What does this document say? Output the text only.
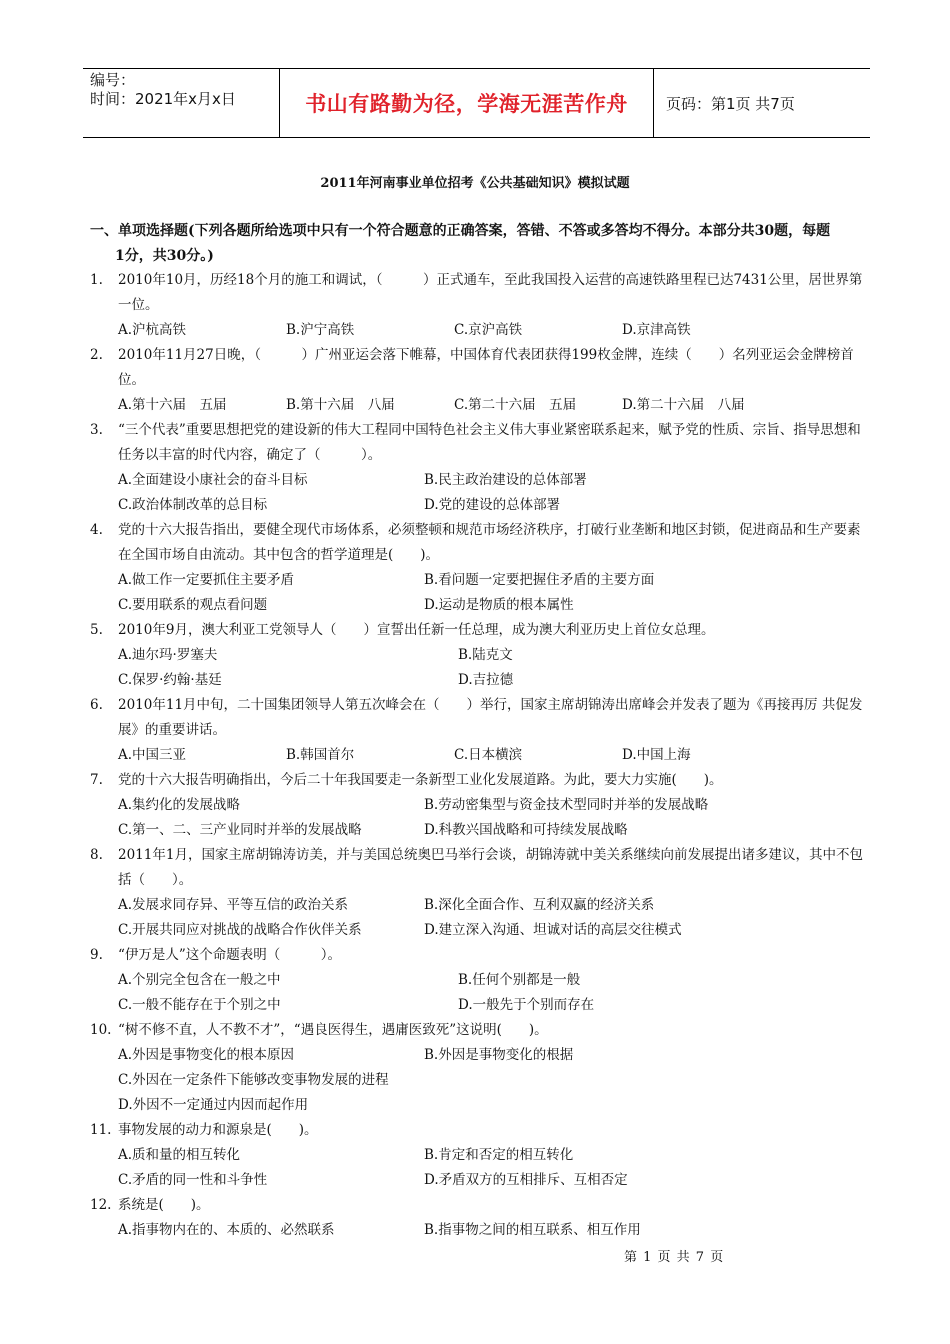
编号：
时间：2021年x月x日	书山有路勤为径，学海无涯苦作舟	页码：第1页 共7页
2011年河南事业单位招考《公共基础知识》模拟试题
一、单项选择题(下列各题所给选项中只有一个符合题意的正确答案，答错、不答或多答均不得分。本部分共30题，每题
1分，共30分。)
1.	2010年10月，历经18个月的施工和调试，（　　　）正式通车，至此我国投入运营的高速铁路里程已达7431公里，居世界第一位。
A.沪杭高铁	B.沪宁高铁	C.京沪高铁	D.京津高铁
2.	2010年11月27日晚，（　　　）广州亚运会落下帷幕，中国体育代表团获得199枚金牌，连续（　　）名列亚运会金牌榜首位。
A.第十六届　五届	B.第十六届　八届	C.第二十六届　五届	D.第二十六届　八届
3.	“三个代表”重要思想把党的建设新的伟大工程同中国特色社会主义伟大事业紧密联系起来，赋予党的性质、宗旨、指导思想和任务以丰富的时代内容，确定了（　　　）。
A.全面建设小康社会的奋斗目标	B.民主政治建设的总体部署
C.政治体制改革的总目标	D.党的建设的总体部署
4.	党的十六大报告指出，要健全现代市场体系，必须整顿和规范市场经济秩序，打破行业垄断和地区封锁，促进商品和生产要素在全国市场自由流动。其中包含的哲学道理是(　　)。
A.做工作一定要抓住主要矛盾	B.看问题一定要把握住矛盾的主要方面
C.要用联系的观点看问题	D.运动是物质的根本属性
5.	2010年9月，澳大利亚工党领导人（　　）宣誓出任新一任总理，成为澳大利亚历史上首位女总理。
A.迪尔玛·罗塞夫	B.陆克文
C.保罗·约翰·基廷	D.吉拉德
6.	2010年11月中旬，二十国集团领导人第五次峰会在（　　）举行，国家主席胡锦涛出席峰会并发表了题为《再接再厉 共促发展》的重要讲话。
A.中国三亚	B.韩国首尔	C.日本横滨	D.中国上海
7.	党的十六大报告明确指出，今后二十年我国要走一条新型工业化发展道路。为此，要大力实施(　　)。
A.集约化的发展战略	B.劳动密集型与资金技术型同时并举的发展战略
C.第一、二、三产业同时并举的发展战略	D.科教兴国战略和可持续发展战略
8.	2011年1月，国家主席胡锦涛访美，并与美国总统奥巴马举行会谈，胡锦涛就中美关系继续向前发展提出诸多建议，其中不包括（　　）。
A.发展求同存异、平等互信的政治关系	B.深化全面合作、互利双赢的经济关系
C.开展共同应对挑战的战略合作伙伴关系	D.建立深入沟通、坦诚对话的高层交往模式
9.	“伊万是人”这个命题表明（　　　）。
A.个别完全包含在一般之中	B.任何个别都是一般
C.一般不能存在于个别之中	D.一般先于个别而存在
10. “树不修不直，人不教不才”，“遇良医得生，遇庸医致死”这说明(　　)。
A.外因是事物变化的根本原因	B.外因是事物变化的根据
C.外因在一定条件下能够改变事物发展的进程
D.外因不一定通过内因而起作用
11. 事物发展的动力和源泉是(　　)。
A.质和量的相互转化	B.肯定和否定的相互转化
C.矛盾的同一性和斗争性	D.矛盾双方的互相排斥、互相否定
12. 系统是(　　)。
A.指事物内在的、本质的、必然联系	B.指事物之间的相互联系、相互作用
第 1 页 共 7 页
